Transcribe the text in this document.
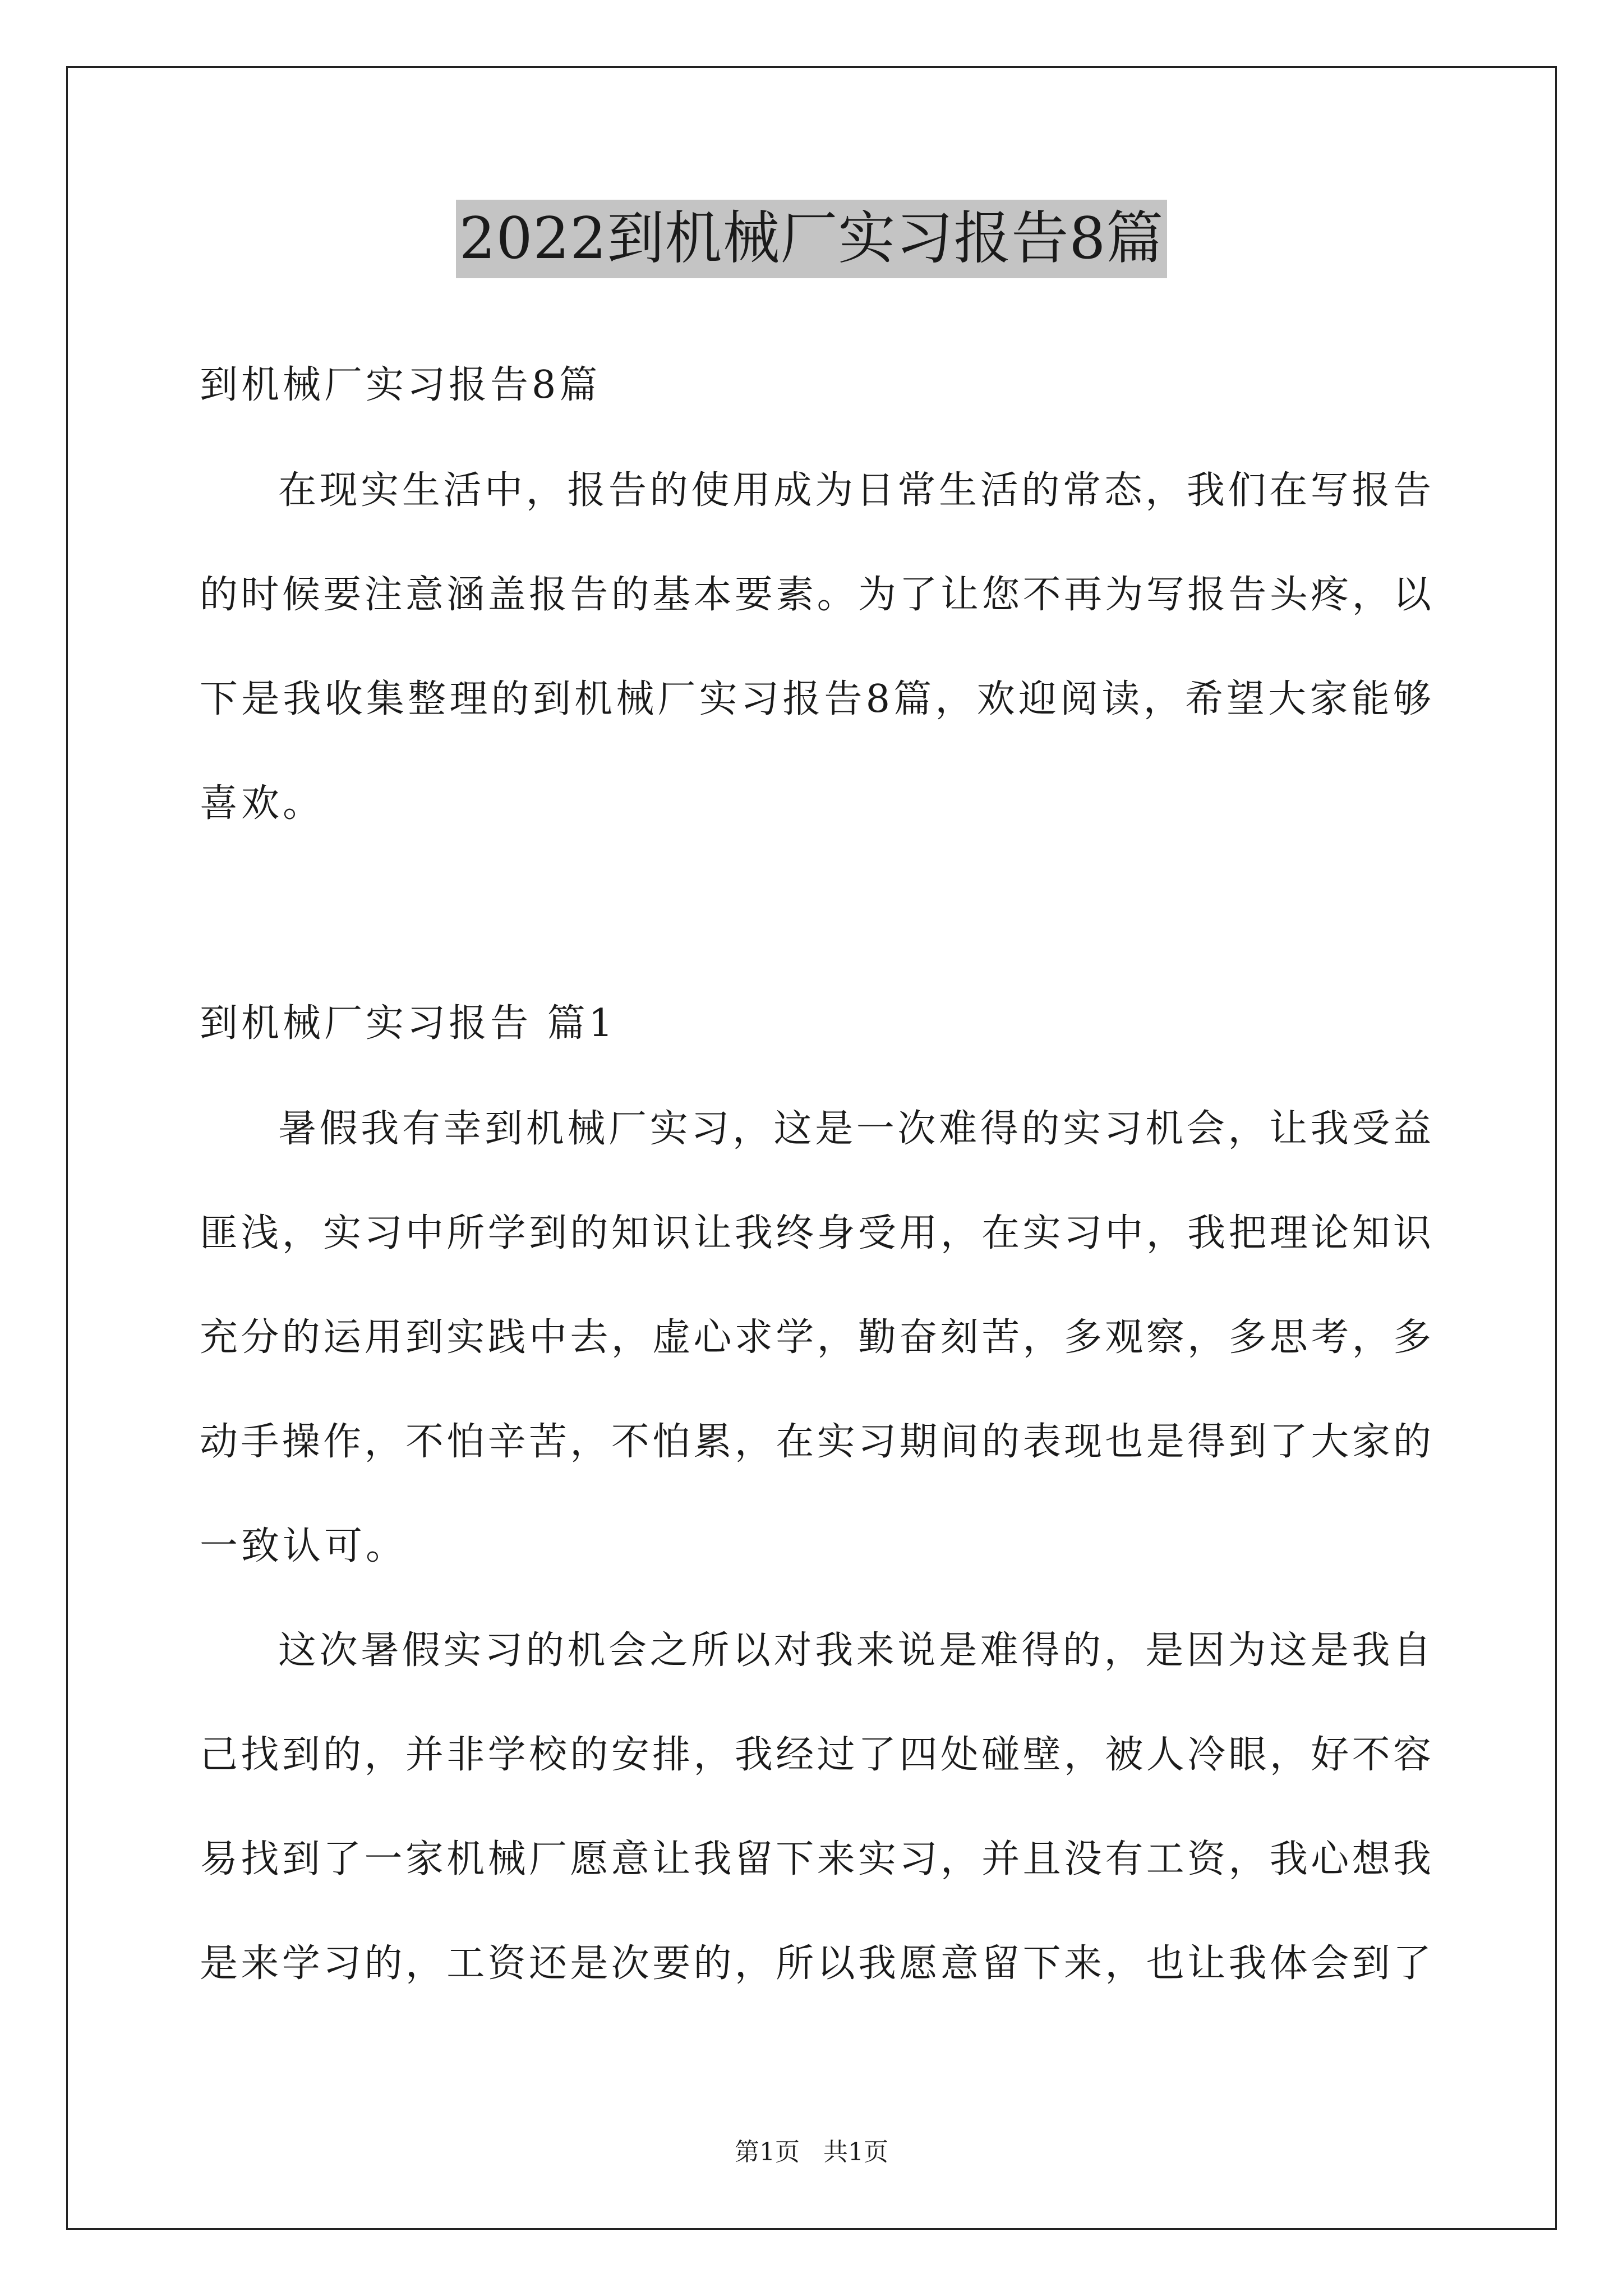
2022到机械厂实习报告8篇
到机械厂实习报告8篇
在现实生活中，报告的使用成为日常生活的常态，我们在写报告
的时候要注意涵盖报告的基本要素。为了让您不再为写报告头疼，以
下是我收集整理的到机械厂实习报告8篇，欢迎阅读，希望大家能够
喜欢。
到机械厂实习报告 篇1
暑假我有幸到机械厂实习，这是一次难得的实习机会，让我受益
匪浅，实习中所学到的知识让我终身受用，在实习中，我把理论知识
充分的运用到实践中去，虚心求学，勤奋刻苦，多观察，多思考，多
动手操作，不怕辛苦，不怕累，在实习期间的表现也是得到了大家的
一致认可。
这次暑假实习的机会之所以对我来说是难得的，是因为这是我自
己找到的，并非学校的安排，我经过了四处碰壁，被人冷眼，好不容
易找到了一家机械厂愿意让我留下来实习，并且没有工资，我心想我
是来学习的，工资还是次要的，所以我愿意留下来，也让我体会到了
第1页   共1页
